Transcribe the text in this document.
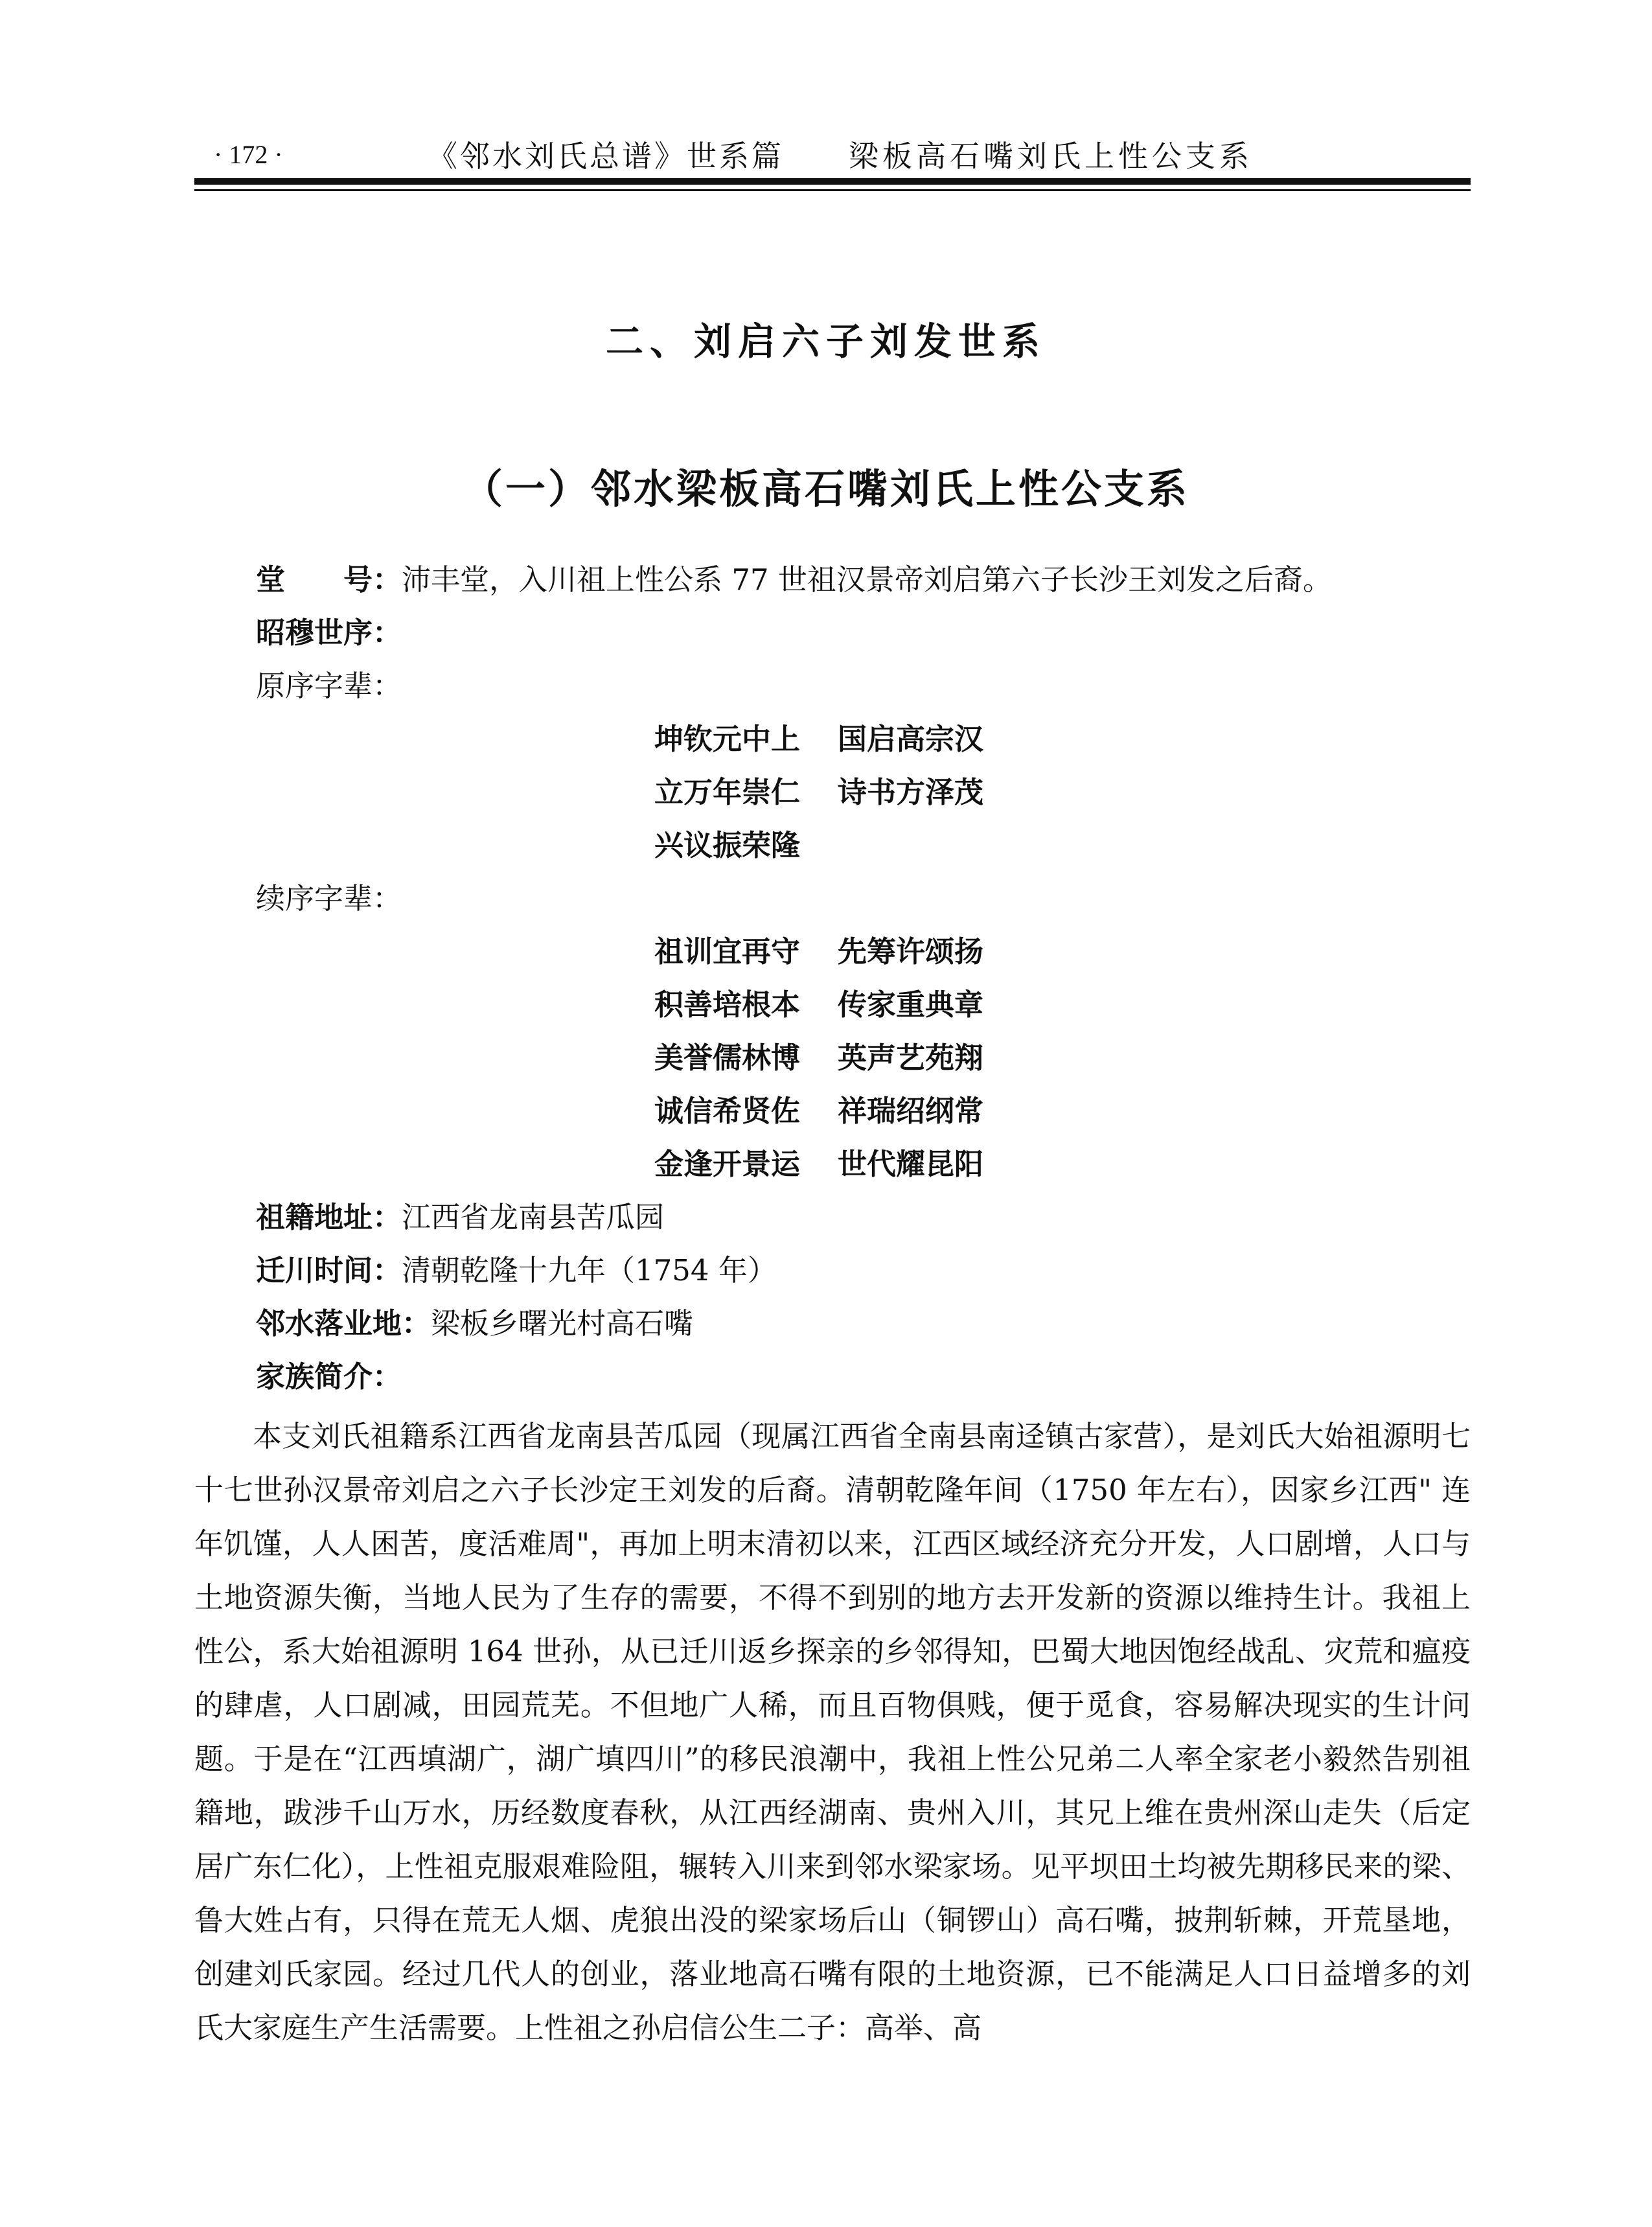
· 172 ·	《邻水刘氏总谱》世系篇 梁板高石嘴刘氏上性公支系
二、刘启六子刘发世系
（一）邻水梁板高石嘴刘氏上性公支系
堂　　号：沛丰堂，入川祖上性公系 77 世祖汉景帝刘启第六子长沙王刘发之后裔。
昭穆世序：
原序字辈：
坤钦元中上 国启高宗汉
立万年崇仁 诗书方泽茂
兴议振荣隆
续序字辈：
祖训宜再守 先筹许颂扬
积善培根本 传家重典章
美誉儒林博 英声艺苑翔
诚信希贤佐 祥瑞绍纲常
金逢开景运 世代耀昆阳
祖籍地址：江西省龙南县苦瓜园
迁川时间：清朝乾隆十九年（1754 年）
邻水落业地：梁板乡曙光村高石嘴
家族简介：

本支刘氏祖籍系江西省龙南县苦瓜园（现属江西省全南县南迳镇古家营），是刘氏大始祖源明七十七世孙汉景帝刘启之六子长沙定王刘发的后裔。清朝乾隆年间（1750 年左右），因家乡江西" 连年饥馑，人人困苦，度活难周"，再加上明末清初以来，江西区域经济充分开发，人口剧增，人口与土地资源失衡，当地人民为了生存的需要，不得不到别的地方去开发新的资源以维持生计。我祖上性公，系大始祖源明 164 世孙，从已迁川返乡探亲的乡邻得知，巴蜀大地因饱经战乱、灾荒和瘟疫的肆虐，人口剧减，田园荒芜。不但地广人稀，而且百物俱贱，便于觅食，容易解决现实的生计问题。于是在“江西填湖广，湖广填四川”的移民浪潮中，我祖上性公兄弟二人率全家老小毅然告别祖籍地，跋涉千山万水，历经数度春秋，从江西经湖南、贵州入川，其兄上维在贵州深山走失（后定居广东仁化），上性祖克服艰难险阻，辗转入川来到邻水梁家场。见平坝田土均被先期移民来的梁、鲁大姓占有，只得在荒无人烟、虎狼出没的梁家场后山（铜锣山）高石嘴，披荆斩棘，开荒垦地，创建刘氏家园。经过几代人的创业，落业地高石嘴有限的土地资源，已不能满足人口日益增多的刘氏大家庭生产生活需要。上性祖之孙启信公生二子：高举、高
